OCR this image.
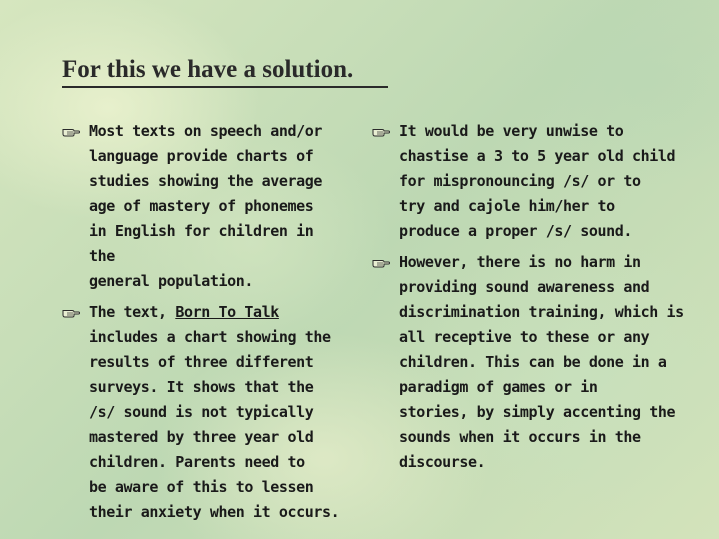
For this we have a solution.
Most texts on speech and/or
language provide charts of
studies showing the average
age of mastery of phonemes
in English for children in the
general population.
The text, Born To Talk
includes a chart showing the
results of three different
surveys. It shows that the
/s/ sound is not typically
mastered by three year old
children. Parents need to
be aware of this to lessen
their anxiety when it occurs.
It would be very unwise to
chastise a 3 to 5 year old child
for mispronouncing /s/ or to
try and cajole him/her to
produce a proper /s/ sound.
However, there is no harm in
providing sound awareness and
discrimination training, which is
all receptive to these or any
children. This can be done in a
paradigm of games or in
stories, by simply accenting the
sounds when it occurs in the
discourse.
